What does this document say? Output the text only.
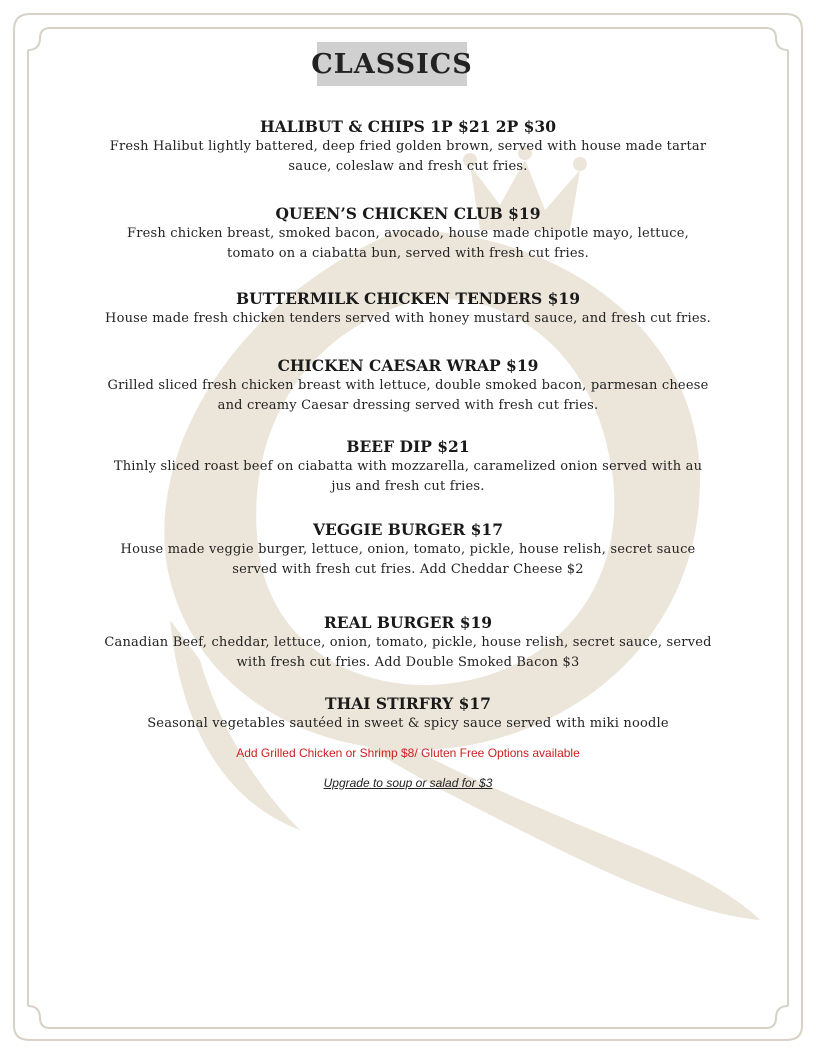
CLASSICS
HALIBUT & CHIPS 1P $21 2P $30
Fresh Halibut lightly battered, deep fried golden brown, served with house made tartar
sauce, coleslaw and fresh cut fries.
QUEEN’S CHICKEN CLUB $19
Fresh chicken breast, smoked bacon, avocado, house made chipotle mayo, lettuce,
tomato on a ciabatta bun, served with fresh cut fries.
BUTTERMILK CHICKEN TENDERS $19
House made fresh chicken tenders served with honey mustard sauce, and fresh cut fries.
CHICKEN CAESAR WRAP $19
Grilled sliced fresh chicken breast with lettuce, double smoked bacon, parmesan cheese
and creamy Caesar dressing served with fresh cut fries.
BEEF DIP $21
Thinly sliced roast beef on ciabatta with mozzarella, caramelized onion served with au
jus and fresh cut fries.
VEGGIE BURGER $17
House made veggie burger, lettuce, onion, tomato, pickle, house relish, secret sauce
served with fresh cut fries. Add Cheddar Cheese $2
REAL BURGER $19
Canadian Beef, cheddar, lettuce, onion, tomato, pickle, house relish, secret sauce, served
with fresh cut fries. Add Double Smoked Bacon $3
THAI STIRFRY $17
Seasonal vegetables sautéed in sweet & spicy sauce served with miki noodle
Add Grilled Chicken or Shrimp $8/ Gluten Free Options available
Upgrade to soup or salad for $3
